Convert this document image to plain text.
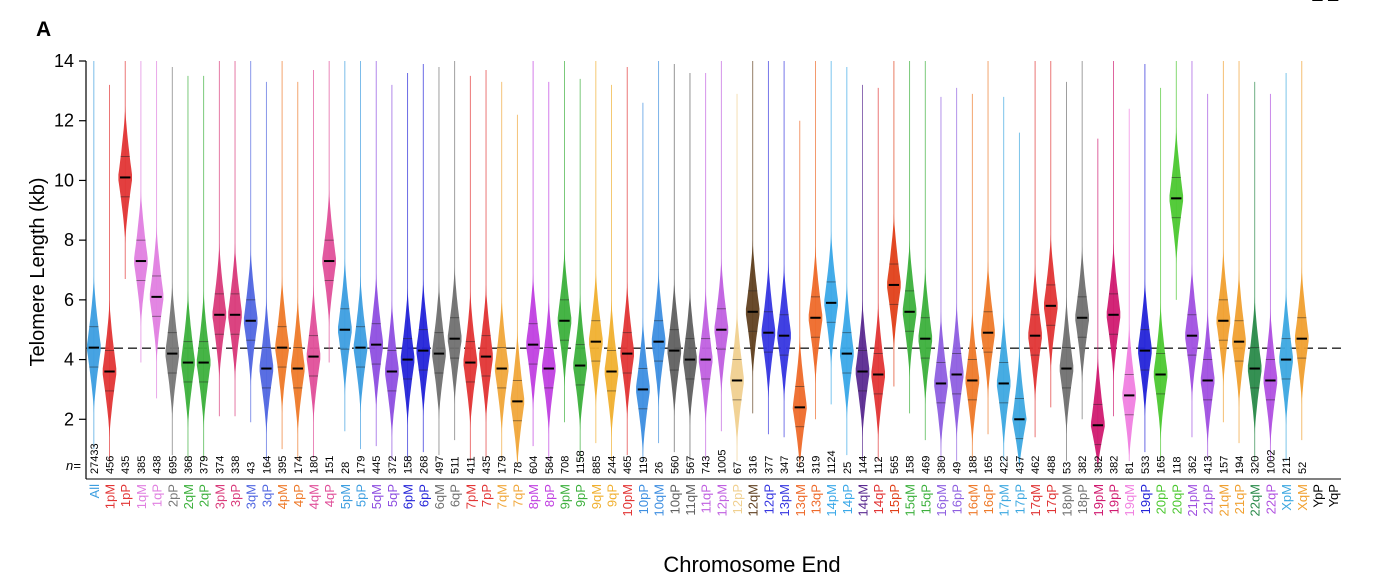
A
Telomere Length (kb)
Chromosome End
n=
2
4
6
8
10
12
14
27433 456 435 385 438 695 368 379 374 338 43 164 395 174 180 151 28 179 445 372 158 268 497 511 411 435 179 78 604 584 708 1158 885 244 465 119 26 560 567 743 1005 67 316 377 347 163 319 1124 25 144 112 565 158 469 380 49 188 165 422 437 462 488 53 382 382 382 81 533 165 118 362 413 157 194 320 1002 211 52
All 1pM 1pP 1qM 1qP 2pP 2qM 2qP 3pM 3pP 3qM 3qP 4pM 4pP 4qM 4qP 5pM 5pP 5qM 5qP 6pM 6pP 6qM 6qP 7pM 7pP 7qM 7qP 8pM 8pP 9pM 9pP 9qM 9qP 10pM 10pP 10qM 10qP 11qM 11qP 12pM 12pP 12qM 12qP 13pM 13qM 13qP 14pM 14pP 14qM 14qP 15pP 15qM 15qP 16pM 16pP 16qM 16qP 17pM 17pP 17qM 17qP 18pM 18pP 19pM 19pP 19qM 19qP 20pP 20qP 21pM 21pP 21qM 21qP 22qM 22qP XpM XqM YpP YqP
